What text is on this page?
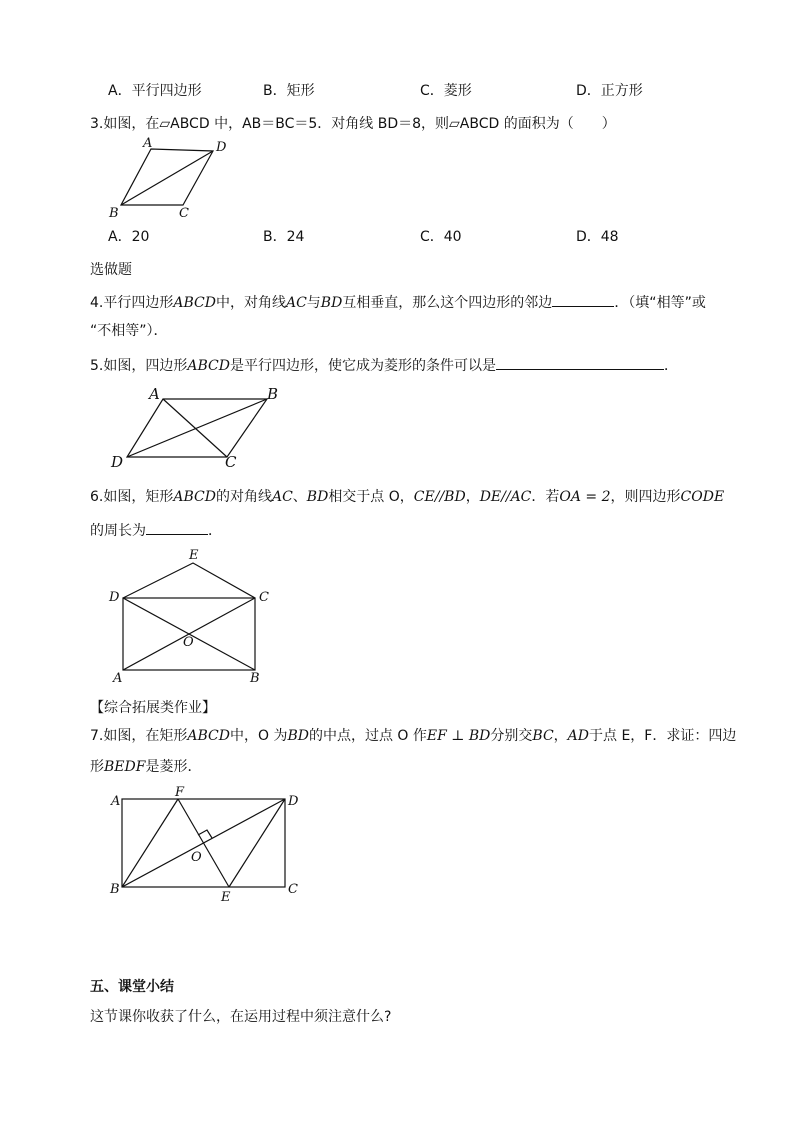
A．平行四边形	B．矩形	C．菱形	D．正方形
3.如图，在▱ABCD 中，AB＝BC＝5．对角线 BD＝8，则▱ABCD 的面积为（　　）
A	D
B	C
A．20	B．24	C．40	D．48
选做题
4.平行四边形ABCD中，对角线AC与BD互相垂直，那么这个四边形的邻边	．（填“相等”或
“不相等”）．
5.如图，四边形ABCD是平行四边形，使它成为菱形的条件可以是	．
A	B
D	C
6.如图，矩形ABCD的对角线AC、BD相交于点 O，CE//BD，DE//AC．若OA = 2，则四边形CODE
的周长为	．
E
D	C
O
A	B
【综合拓展类作业】
7.如图，在矩形ABCD中，O 为BD的中点，过点 O 作EF ⊥ BD分别交BC，AD于点 E，F．求证：四边
形BEDF是菱形．
A
F
D
O
B
E
C
五、课堂小结
这节课你收获了什么，在运用过程中须注意什么?
